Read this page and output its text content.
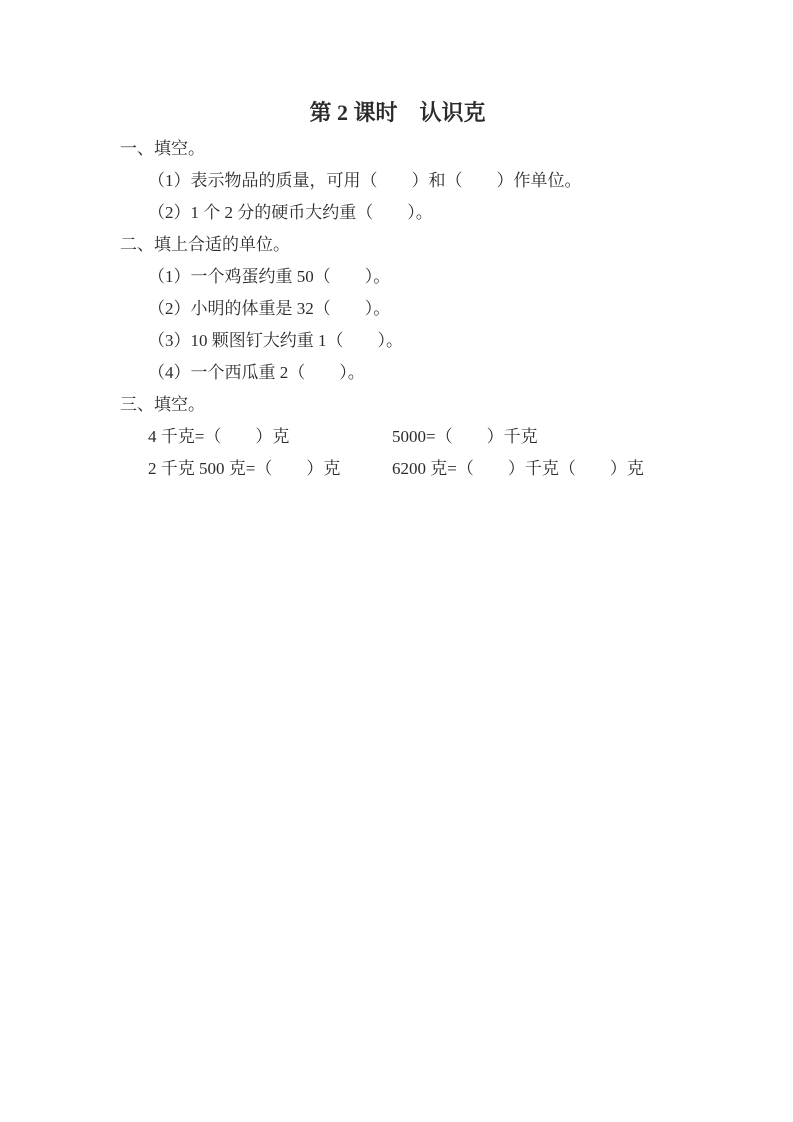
第 2 课时　认识克
一、填空。
（1）表示物品的质量，可用（　　）和（　　）作单位。
（2）1 个 2 分的硬币大约重（　　）。
二、填上合适的单位。
（1）一个鸡蛋约重 50（　　）。
（2）小明的体重是 32（　　）。
（3）10 颗图钉大约重 1（　　）。
（4）一个西瓜重 2（　　）。
三、填空。
4 千克=（　　）克	5000=（　　）千克
2 千克 500 克=（　　）克	6200 克=（　　）千克（　　）克
